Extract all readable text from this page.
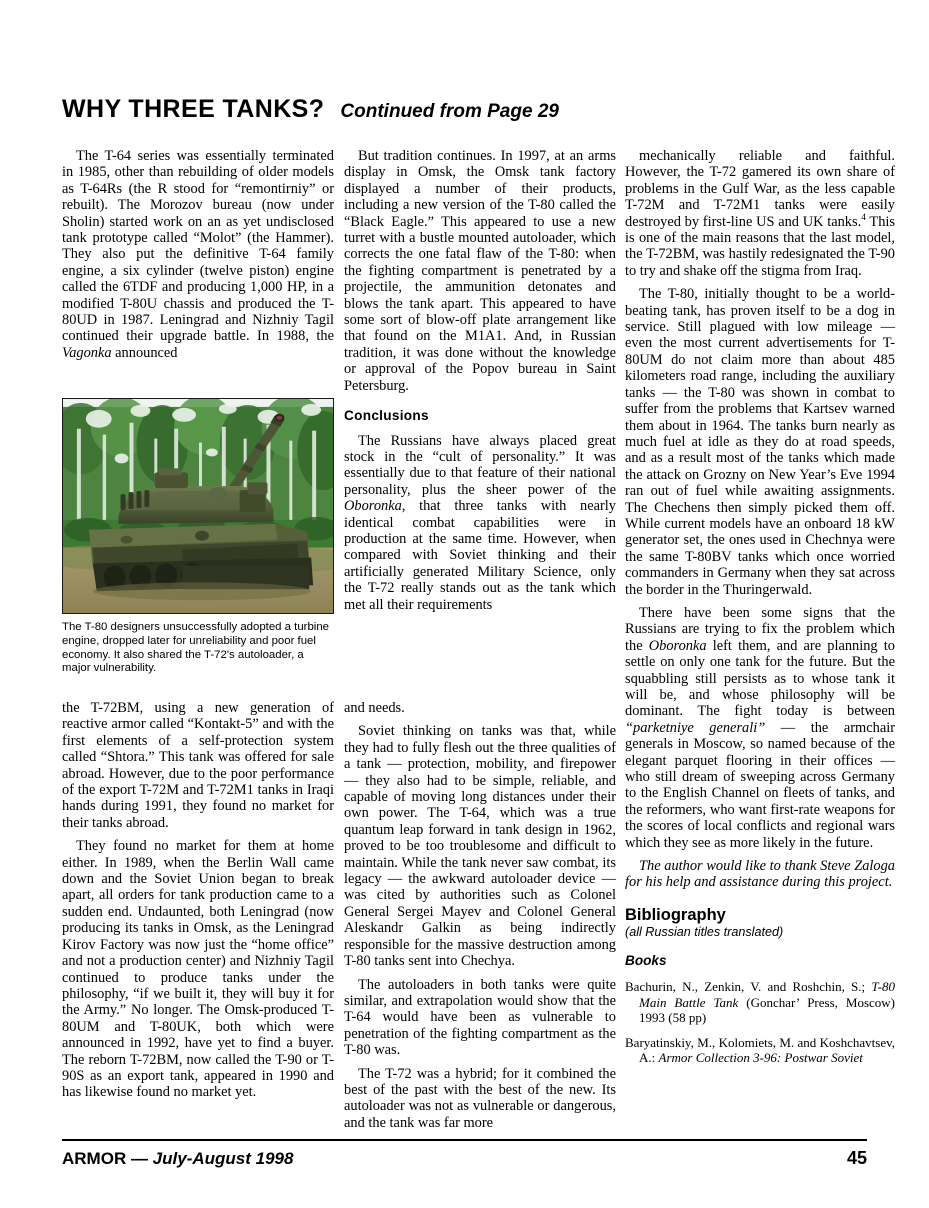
WHY THREE TANKS? Continued from Page 29

The T-64 series was essentially terminated in 1985, other than rebuilding of older models as T-64Rs (the R stood for “remontirniy” or rebuilt). The Morozov bureau (now under Sholin) started work on an as yet undisclosed tank prototype called “Molot” (the Hammer). They also put the definitive T-64 family engine, a six cylinder (twelve piston) engine called the 6TDF and producing 1,000 HP, in a modified T-80U chassis and produced the T-80UD in 1987. Leningrad and Nizhniy Tagil continued their upgrade battle. In 1988, the Vagonka announced

The T-80 designers unsuccessfully adopted a turbine engine, dropped later for unreliability and poor fuel economy. It also shared the T-72's autoloader, a major vulnerability.

But tradition continues. In 1997, at an arms display in Omsk, the Omsk tank factory displayed a number of their products, including a new version of the T-80 called the “Black Eagle.” This appeared to use a new turret with a bustle mounted autoloader, which corrects the one fatal flaw of the T-80: when the fighting compartment is penetrated by a projectile, the ammunition detonates and blows the tank apart. This appeared to have some sort of blow-off plate arrangement like that found on the M1A1. And, in Russian tradition, it was done without the knowledge or approval of the Popov bureau in Saint Petersburg.

Conclusions

The Russians have always placed great stock in the “cult of personality.” It was essentially due to that feature of their national personality, plus the sheer power of the Oboronka, that three tanks with nearly identical combat capabilities were in production at the same time. However, when compared with Soviet thinking and their artificially generated Military Science, only the T-72 really stands out as the tank which met all their requirements

the T-72BM, using a new generation of reactive armor called “Kontakt-5” and with the first elements of a self-protection system called “Shtora.” This tank was offered for sale abroad. However, due to the poor performance of the export T-72M and T-72M1 tanks in Iraqi hands during 1991, they found no market for their tanks abroad.

They found no market for them at home either. In 1989, when the Berlin Wall came down and the Soviet Union began to break apart, all orders for tank production came to a sudden end. Undaunted, both Leningrad (now producing its tanks in Omsk, as the Leningrad Kirov Factory was now just the “home office” and not a production center) and Nizhniy Tagil continued to produce tanks under the philosophy, “if we built it, they will buy it for the Army.” No longer. The Omsk-produced T-80UM and T-80UK, both which were announced in 1992, have yet to find a buyer. The reborn T-72BM, now called the T-90 or T-90S as an export tank, appeared in 1990 and has likewise found no market yet.

and needs.

Soviet thinking on tanks was that, while they had to fully flesh out the three qualities of a tank — protection, mobility, and firepower — they also had to be simple, reliable, and capable of moving long distances under their own power. The T-64, which was a true quantum leap forward in tank design in 1962, proved to be too troublesome and difficult to maintain. While the tank never saw combat, its legacy — the awkward autoloader device — was cited by authorities such as Colonel General Sergei Mayev and Colonel General Aleskandr Galkin as being indirectly responsible for the massive destruction among T-80 tanks sent into Chechya.

The autoloaders in both tanks were quite similar, and extrapolation would show that the T-64 would have been as vulnerable to penetration of the fighting compartment as the T-80 was.

The T-72 was a hybrid; for it combined the best of the past with the best of the new. Its autoloader was not as vulnerable or dangerous, and the tank was far more

mechanically reliable and faithful. However, the T-72 gamered its own share of problems in the Gulf War, as the less capable T-72M and T-72M1 tanks were easily destroyed by first-line US and UK tanks.$^4$ This is one of the main reasons that the last model, the T-72BM, was hastily redesignated the T-90 to try and shake off the stigma from Iraq.

The T-80, initially thought to be a world-beating tank, has proven itself to be a dog in service. Still plagued with low mileage — even the most current advertisements for T-80UM do not claim more than about 485 kilometers road range, including the auxiliary tanks — the T-80 was shown in combat to suffer from the problems that Kartsev warned them about in 1964. The tanks burn nearly as much fuel at idle as they do at road speeds, and as a result most of the tanks which made the attack on Grozny on New Year’s Eve 1994 ran out of fuel while awaiting assignments. The Chechens then simply picked them off. While current models have an onboard 18 kW generator set, the ones used in Chechnya were the same T-80BV tanks which once worried commanders in Germany when they sat across the border in the Thuringerwald.

There have been some signs that the Russians are trying to fix the problem which the Oboronka left them, and are planning to settle on only one tank for the future. But the squabbling still persists as to whose tank it will be, and whose philosophy will be dominant. The fight today is between “parketniye generali” — the armchair generals in Moscow, so named because of the elegant parquet flooring in their offices — who still dream of sweeping across Germany to the English Channel on fleets of tanks, and the reformers, who want first-rate weapons for the scores of local conflicts and regional wars which they see as more likely in the future.

The author would like to thank Steve Zaloga for his help and assistance during this project.

Bibliography
(all Russian titles translated)
Books
Bachurin, N., Zenkin, V. and Roshchin, S.; T-80 Main Battle Tank (Gonchar’ Press, Moscow) 1993 (58 pp)
Baryatinskiy, M., Kolomiets, M. and Koshchavtsev, A.: Armor Collection 3-96: Postwar Soviet
ARMOR — July-August 1998	45
